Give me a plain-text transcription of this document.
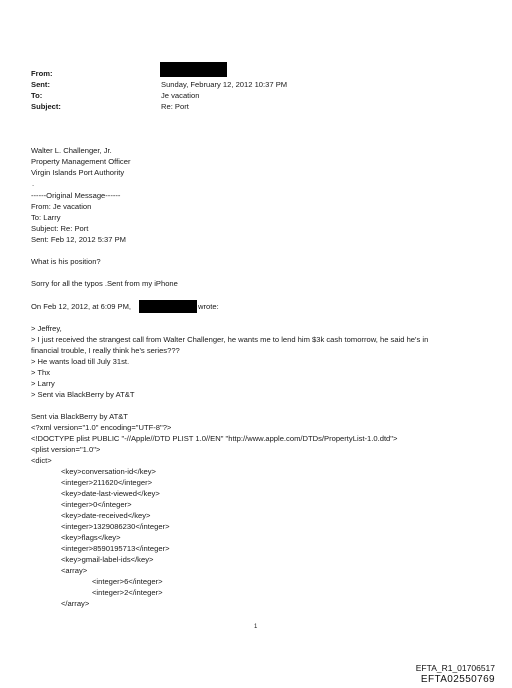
From:
Sent:	Sunday, February 12, 2012 10:37 PM
To:	Je vacation
Subject:	Re: Port
Walter L. Challenger, Jr.
Property Management Officer
Virgin Islands Port Authority
.
------Original Message------
From: Je vacation
To: Larry
Subject: Re: Port
Sent: Feb 12, 2012 5:37 PM
What is his position?
Sorry for all the typos .Sent from my iPhone
On Feb 12, 2012, at 6:09 PM,	wrote:
> Jeffrey,
> I just received the strangest call from Walter Challenger, he wants me to lend him $3k cash tomorrow, he said he's in
financial trouble, I really think he's series???
> He wants load till July 31st.
> Thx
> Larry
> Sent via BlackBerry by AT&T
Sent via BlackBerry by AT&T
<?xml version="1.0" encoding="UTF-8"?>
<!DOCTYPE plist PUBLIC "-//Apple//DTD PLIST 1.0//EN" "http://www.apple.com/DTDs/PropertyList-1.0.dtd">
<plist version="1.0">
<dict>
<key>conversation-id</key>
<integer>211620</integer>
<key>date-last-viewed</key>
<integer>0</integer>
<key>date-received</key>
<integer>1329086230</integer>
<key>flags</key>
<integer>8590195713</integer>
<key>gmail-label-ids</key>
<array>
<integer>6</integer>
<integer>2</integer>
</array>
1
EFTA_R1_01706517
EFTA02550769
